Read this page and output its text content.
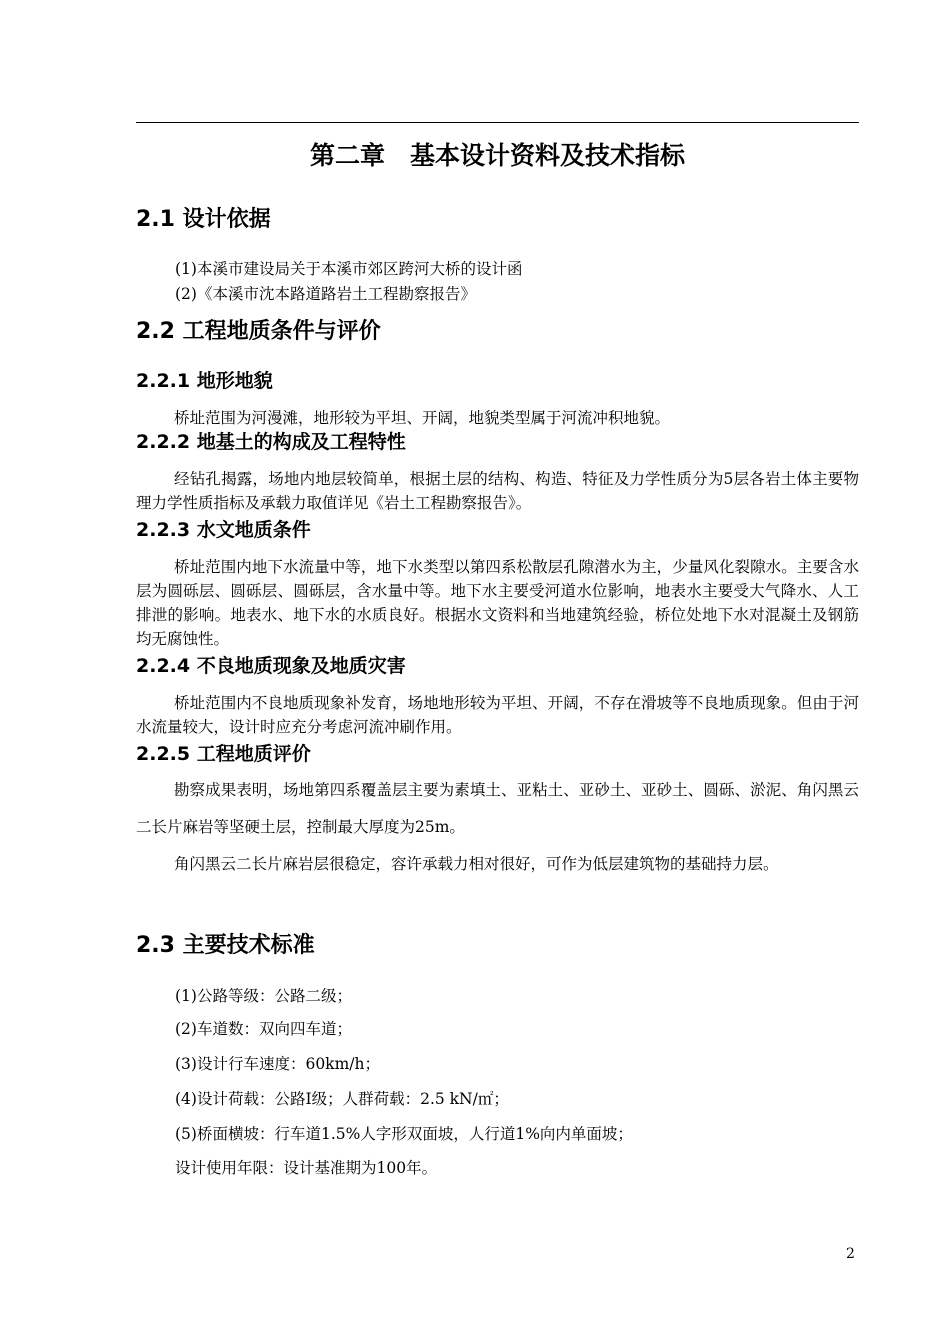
第二章　基本设计资料及技术指标
2.1 设计依据
(1)本溪市建设局关于本溪市郊区跨河大桥的设计函
(2)《本溪市沈本路道路岩土工程勘察报告》
2.2 工程地质条件与评价
2.2.1 地形地貌

桥址范围为河漫滩，地形较为平坦、开阔，地貌类型属于河流冲积地貌。

2.2.2 地基土的构成及工程特性

经钻孔揭露，场地内地层较简单，根据土层的结构、构造、特征及力学性质分为5层各岩土体主要物理力学性质指标及承载力取值详见《岩土工程勘察报告》。

2.2.3 水文地质条件

桥址范围内地下水流量中等，地下水类型以第四系松散层孔隙潜水为主，少量风化裂隙水。主要含水层为圆砾层、圆砾层、圆砾层，含水量中等。地下水主要受河道水位影响，地表水主要受大气降水、人工排泄的影响。地表水、地下水的水质良好。根据水文资料和当地建筑经验，桥位处地下水对混凝土及钢筋均无腐蚀性。

2.2.4 不良地质现象及地质灾害

桥址范围内不良地质现象补发育，场地地形较为平坦、开阔，不存在滑坡等不良地质现象。但由于河水流量较大，设计时应充分考虑河流冲刷作用。

2.2.5 工程地质评价

勘察成果表明，场地第四系覆盖层主要为素填土、亚粘土、亚砂土、亚砂土、圆砾、淤泥、角闪黑云二长片麻岩等坚硬土层，控制最大厚度为25m。

角闪黑云二长片麻岩层很稳定，容许承载力相对很好，可作为低层建筑物的基础持力层。

2.3 主要技术标准
(1)公路等级：公路二级；
(2)车道数：双向四车道；
(3)设计行车速度：60km/h；
(4)设计荷载：公路Ⅰ级；人群荷载：2.5 kN/㎡；
(5)桥面横坡：行车道1.5%人字形双面坡，人行道1%向内单面坡；
设计使用年限：设计基准期为100年。
2
